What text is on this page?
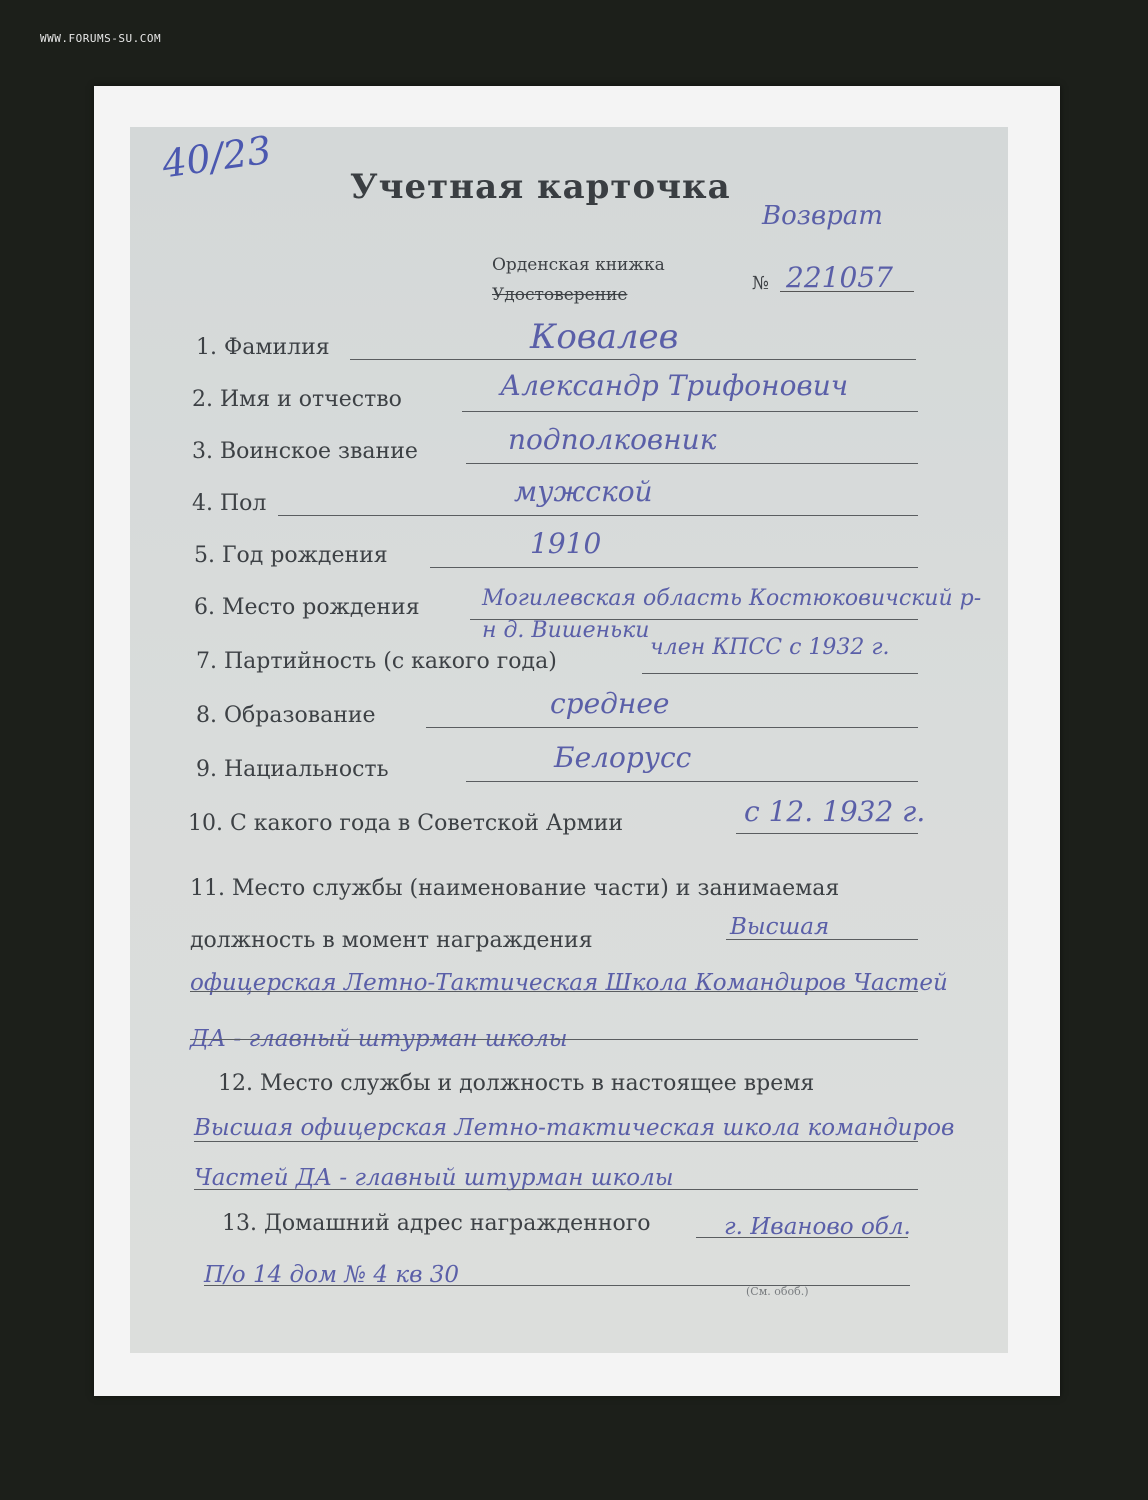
WWW.FORUMS-SU.COM
40/23
Учетная карточка
Возврат
Орденская книжка
Удостоверение
№ 221057
1. Фамилия	Ковалев
2. Имя и отчество	Александр Трифонович
3. Воинское звание	подполковник
4. Пол	мужской
5. Год рождения	1910
6. Место рождения	Могилевская область Костюковичский р-н д. Вишеньки
7. Партийность (с какого года)
член КПСС с 1932 г.
8. Образование	среднее
9. Нациальность	Белорусс
10. С какого года в Советской Армии	с 12. 1932 г.
11. Место службы (наименование части) и занимаемая должность в момент награждения
Высшая офицерская Летно-Тактическая Школа Командиров Частей ДА - главный штурман школы
12. Место службы и должность в настоящее время
Высшая офицерская Летно-тактическая школа командиров Частей ДА - главный штурман школы
13. Домашний адрес награжденного	г. Иваново обл. П/о 14 дом № 4 кв 30
(См. обоб.)
